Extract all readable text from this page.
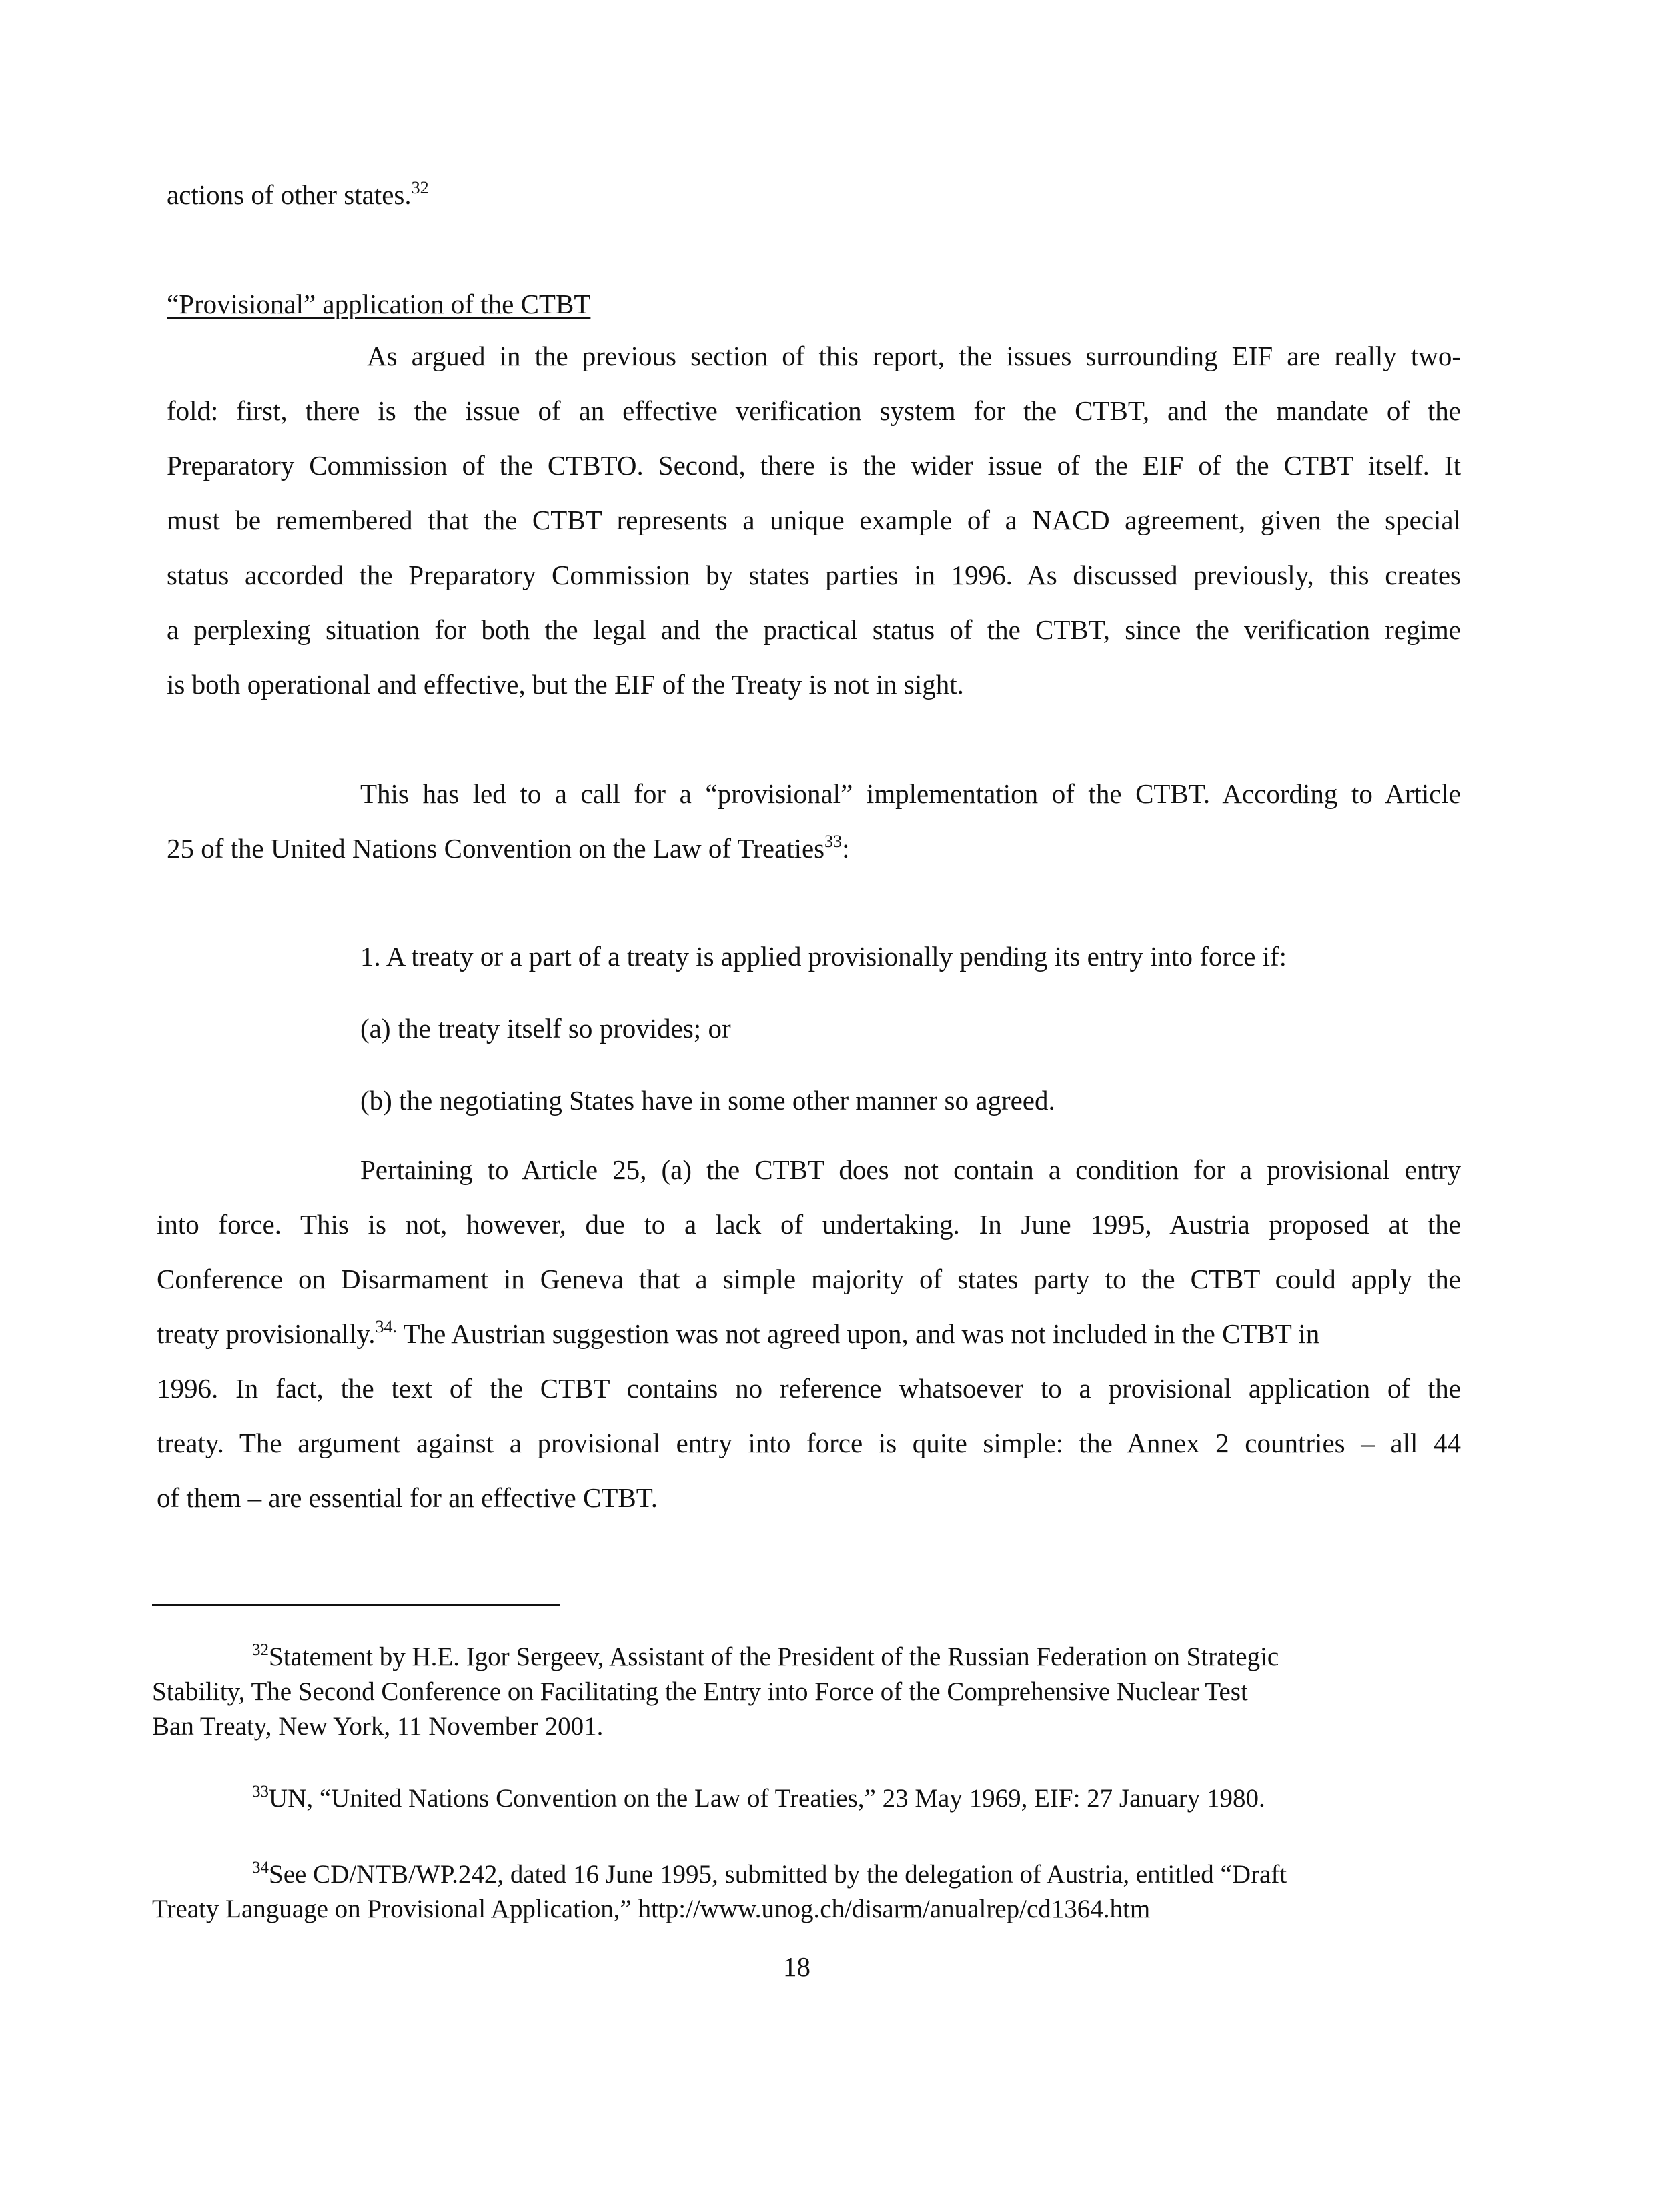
actions of other states.$^{32}$
“Provisional” application of the CTBT
As argued in the previous section of this report, the issues surrounding EIF are really two-
fold: first, there is the issue of an effective verification system for the CTBT, and the mandate of the
Preparatory Commission of the CTBTO. Second, there is the wider issue of the EIF of the CTBT itself. It
must be remembered that the CTBT represents a unique example of a NACD agreement, given the special
status accorded the Preparatory Commission by states parties in 1996. As discussed previously, this creates
a perplexing situation for both the legal and the practical status of the CTBT, since the verification regime
is both operational and effective, but the EIF of the Treaty is not in sight.
This has led to a call for a “provisional” implementation of the CTBT. According to Article
25 of the United Nations Convention on the Law of Treaties$^{33}$:
1. A treaty or a part of a treaty is applied provisionally pending its entry into force if:
(a) the treaty itself so provides; or
(b) the negotiating States have in some other manner so agreed.
Pertaining to Article 25, (a) the CTBT does not contain a condition for a provisional entry
into force. This is not, however, due to a lack of undertaking. In June 1995, Austria proposed at the
Conference on Disarmament in Geneva that a simple majority of states party to the CTBT could apply the
treaty provisionally.$^{34.}$ The Austrian suggestion was not agreed upon, and was not included in the CTBT in
1996. In fact, the text of the CTBT contains no reference whatsoever to a provisional application of the
treaty. The argument against a provisional entry into force is quite simple: the Annex 2 countries – all 44
of them – are essential for an effective CTBT.
$^{32}$Statement by H.E. Igor Sergeev, Assistant of the President of the Russian Federation on Strategic
Stability, The Second Conference on Facilitating the Entry into Force of the Comprehensive Nuclear Test
Ban Treaty, New York, 11 November 2001.
$^{33}$UN, “United Nations Convention on the Law of Treaties,” 23 May 1969, EIF: 27 January 1980.
$^{34}$See CD/NTB/WP.242, dated 16 June 1995, submitted by the delegation of Austria, entitled “Draft
Treaty Language on Provisional Application,” http://www.unog.ch/disarm/anualrep/cd1364.htm
18
